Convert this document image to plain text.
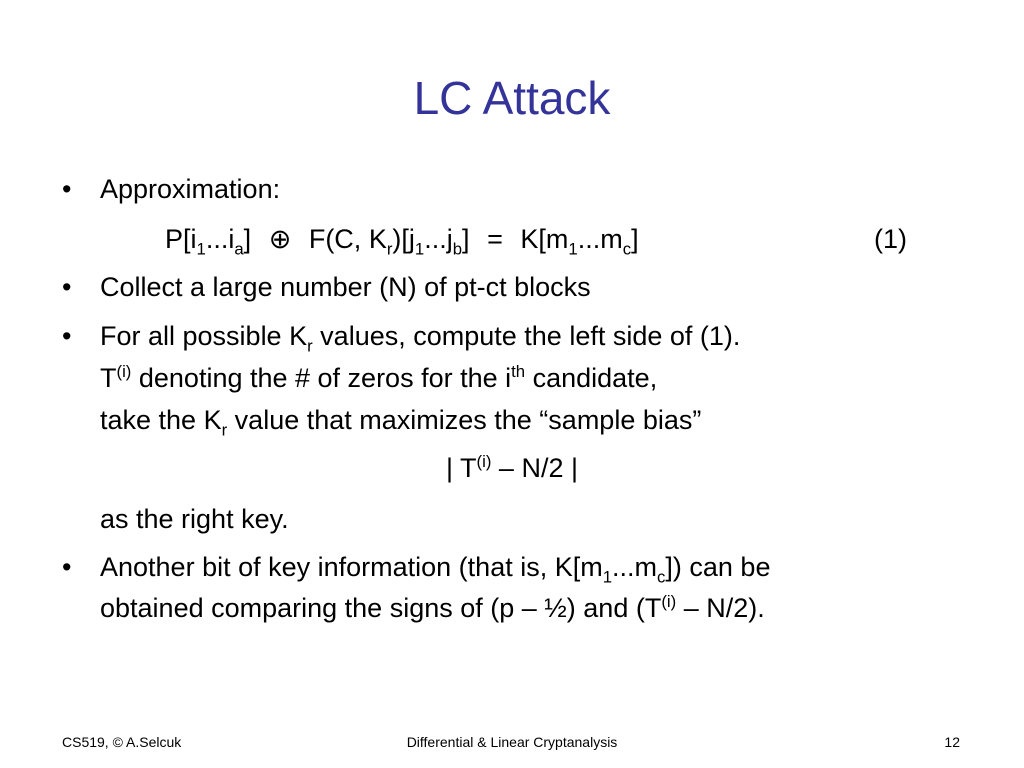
LC Attack
• Approximation:
$P[i_1...i_a]$ ⊕ F(C, $K_r)[j_1...j_b] = K[m_1...m_c]$	(1)
• Collect a large number (N) of pt-ct blocks
• For all possible $K_r$ values, compute the left side of (1).
$T^{(i)}$ denoting the # of zeros for the $i^{th}$ candidate,
take the $K_r$ value that maximizes the “sample bias”
| $T^{(i)} - N/2$ |
as the right key.
• Another bit of key information (that is, $K[m_1...m_c]$) can be
obtained comparing the signs of (p – ½) and $(T^{(i)} - N/2)$.
CS519, © A.Selcuk	Differential & Linear Cryptanalysis	12
